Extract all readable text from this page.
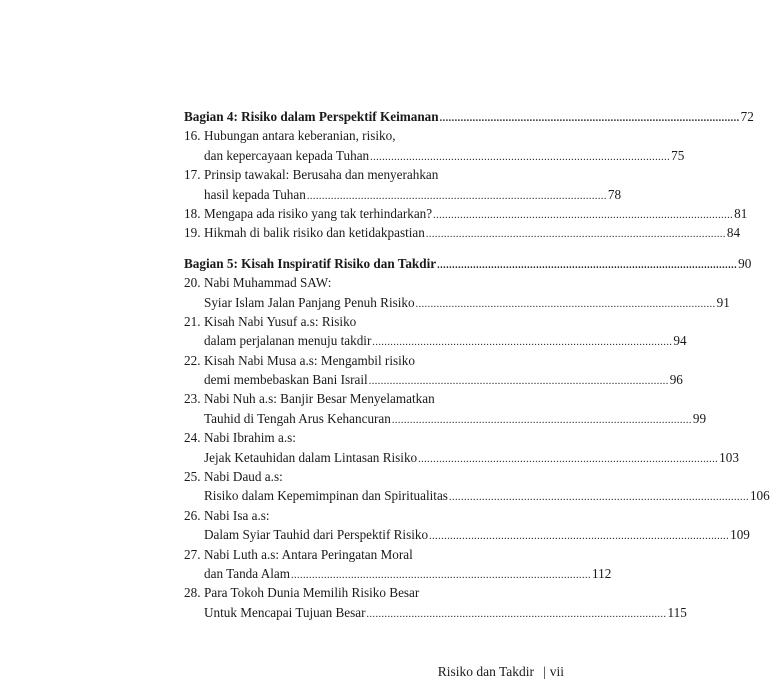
Bagian 4: Risiko dalam Perspektif Keimanan .................................................................................................... 72
16. Hubungan antara keberanian, risiko,
dan kepercayaan kepada Tuhan .................................................................................................... 75
17. Prinsip tawakal: Berusaha dan menyerahkan
hasil kepada Tuhan .................................................................................................... 78
18. Mengapa ada risiko yang tak terhindarkan? .................................................................................................... 81
19. Hikmah di balik risiko dan ketidakpastian .................................................................................................... 84
Bagian 5: Kisah Inspiratif Risiko dan Takdir .................................................................................................... 90
20. Nabi Muhammad SAW:
Syiar Islam Jalan Panjang Penuh Risiko .................................................................................................... 91
21. Kisah Nabi Yusuf a.s: Risiko
dalam perjalanan menuju takdir .................................................................................................... 94
22. Kisah Nabi Musa a.s: Mengambil risiko
demi membebaskan Bani Israil .................................................................................................... 96
23. Nabi Nuh a.s: Banjir Besar Menyelamatkan
Tauhid di Tengah Arus Kehancuran .................................................................................................... 99
24. Nabi Ibrahim a.s:
Jejak Ketauhidan dalam Lintasan Risiko .................................................................................................... 103
25. Nabi Daud a.s:
Risiko dalam Kepemimpinan dan Spiritualitas .................................................................................................... 106
26. Nabi Isa a.s:
Dalam Syiar Tauhid dari Perspektif Risiko .................................................................................................... 109
27. Nabi Luth a.s: Antara Peringatan Moral
dan Tanda Alam .................................................................................................... 112
28. Para Tokoh Dunia Memilih Risiko Besar
Untuk Mencapai Tujuan Besar .................................................................................................... 115
Risiko dan Takdir | vii
